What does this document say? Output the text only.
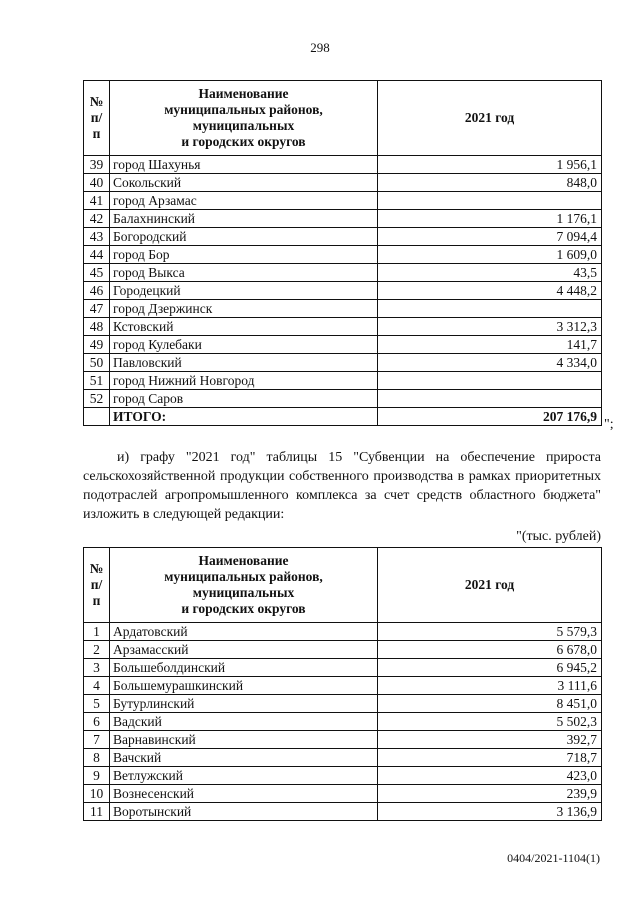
298
№ п/п	Наименование
муниципальных районов,
муниципальных
и городских округов	2021 год
39	город Шахунья	1 956,1
40	Сокольский	848,0
41	город Арзамас	
42	Балахнинский	1 176,1
43	Богородский	7 094,4
44	город Бор	1 609,0
45	город Выкса	43,5
46	Городецкий	4 448,2
47	город Дзержинск	
48	Кстовский	3 312,3
49	город Кулебаки	141,7
50	Павловский	4 334,0
51	город Нижний Новгород	
52	город Саров	
	ИТОГО:	207 176,9
";
и) графу "2021 год" таблицы 15 "Субвенции на обеспечение прироста сельскохозяйственной продукции собственного производства в рамках приоритетных подотраслей агропромышленного комплекса за счет средств областного бюджета" изложить в следующей редакции:
"(тыс. рублей)
№ п/п	Наименование
муниципальных районов,
муниципальных
и городских округов	2021 год
1	Ардатовский	5 579,3
2	Арзамасский	6 678,0
3	Большеболдинский	6 945,2
4	Большемурашкинский	3 111,6
5	Бутурлинский	8 451,0
6	Вадский	5 502,3
7	Варнавинский	392,7
8	Вачский	718,7
9	Ветлужский	423,0
10	Вознесенский	239,9
11	Воротынский	3 136,9
0404/2021-1104(1)
